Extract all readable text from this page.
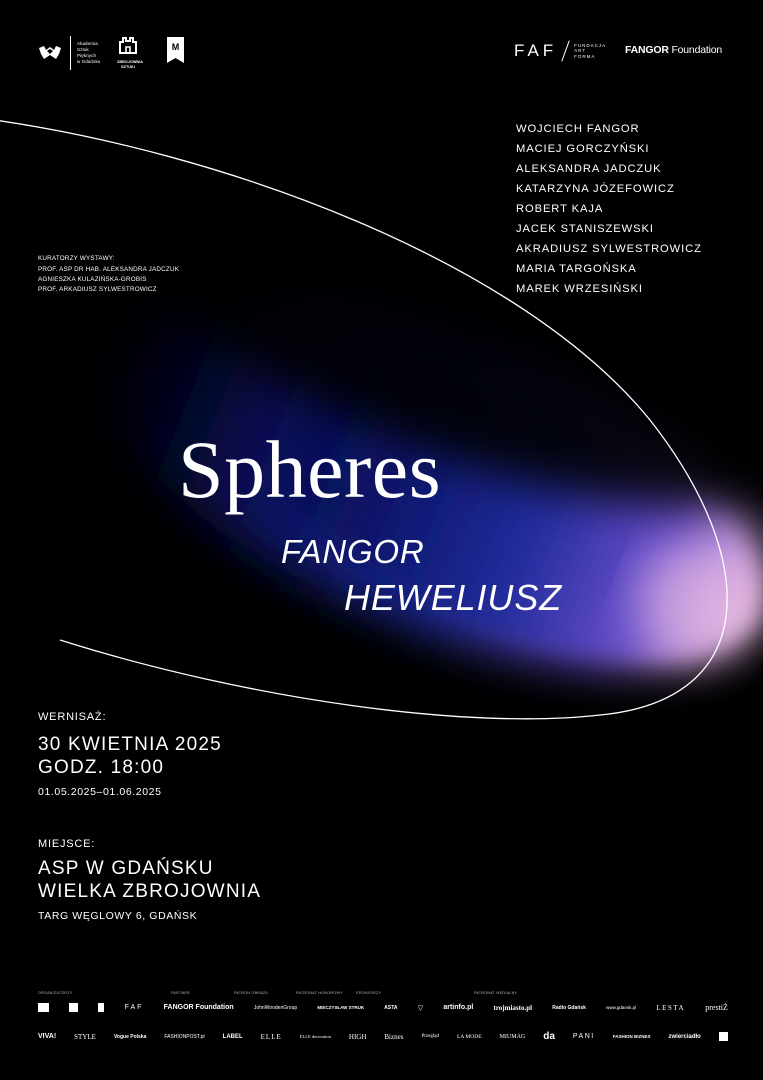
Akademia
Sztuk
Pięknych
w Gdańsku	ZBROJOWNIA
SZTUKI
M	FAF	FUNDACJA
ART
FORMA
FANGOR Foundation
WOJCIECH FANGOR
MACIEJ GORCZYŃSKI
ALEKSANDRA JADCZUK
KATARZYNA JÓZEFOWICZ
ROBERT KAJA
JACEK STANISZEWSKI
AKRADIUSZ SYLWESTROWICZ
MARIA TARGOŃSKA
MAREK WRZESIŃSKI
KURATORZY WYSTAWY:
PROF. ASP DR HAB. ALEKSANDRA JADCZUK
AGNIESZKA KULAZIŃSKA-GROBIS
PROF. ARKADIUSZ SYLWESTROWICZ
Spheres
FANGOR
HEWELIUSZ
WERNISAŻ:
30 KWIETNIA 2025
GODZ. 18:00
01.05.2025–01.06.2025
MIEJSCE:
ASP W GDAŃSKU
WIELKA ZBROJOWNIA
TARG WĘGLOWY 6, GDAŃSK
ORGANIZATORZY	PARTNER	PATRON OBRAZU	PATRONAT HONOROWY	SPONSORZY	PATRONAT MEDIALNY
FAF	FANGOR Foundation	JohnWoodenGroup	MIECZYSŁAW STRUK	ASTA	▽	artinfo.pl	trojmiasto.pl	Radio Gdańsk	www.gdansk.pl	LESTA	prestiŻ
VIVA!	STYLE	Vogue Polska	FASHIONPOST.pl	LABEL	ELLE	ELLE decoration	HIGH	Biznes	Przegląd	LA MODE	MIUMAG da	PANI	FASHION BIZNES	zwierciadło
